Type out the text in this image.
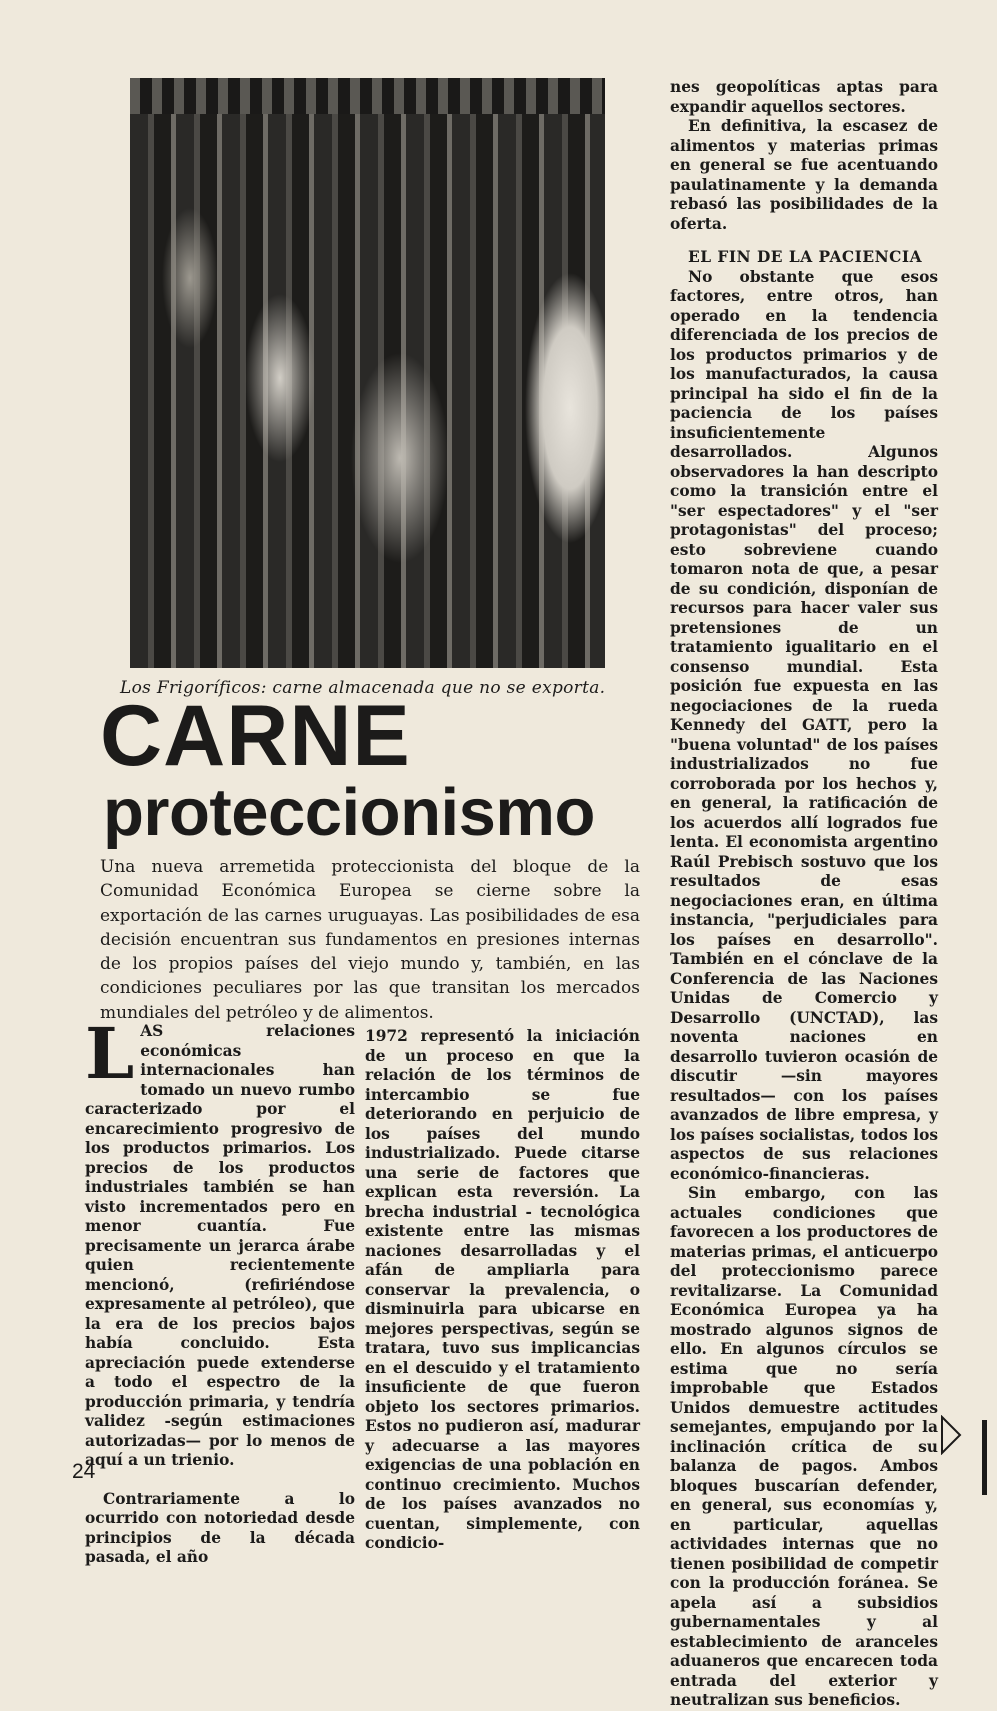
Los Frigoríficos: carne almacenada que no se exporta.
CARNE
proteccionismo

Una nueva arremetida proteccionista del bloque de la Comunidad Económica Europea se cierne sobre la exportación de las carnes uruguayas. Las posibilidades de esa decisión encuentran sus fundamentos en presiones internas de los propios países del viejo mundo y, también, en las condiciones peculiares por las que transitan los mercados mundiales del petróleo y de alimentos.

LAS relaciones económicas internacionales han tomado un nuevo rumbo caracterizado por el encarecimiento progresivo de los productos primarios. Los precios de los productos industriales también se han visto incrementados pero en menor cuantía. Fue precisamente un jerarca árabe quien recientemente mencionó, (refiriéndose expresamente al petróleo), que la era de los precios bajos había concluido. Esta apreciación puede extenderse a todo el espectro de la producción primaria, y tendría validez -según estimaciones autorizadas— por lo menos de aquí a un trienio.

Contrariamente a lo ocurrido con notoriedad desde principios de la década pasada, el año

1972 representó la iniciación de un proceso en que la relación de los términos de intercambio se fue deteriorando en perjuicio de los países del mundo industrializado. Puede citarse una serie de factores que explican esta reversión. La brecha industrial - tecnológica existente entre las mismas naciones desarrolladas y el afán de ampliarla para conservar la prevalencia, o disminuirla para ubicarse en mejores perspectivas, según se tratara, tuvo sus implicancias en el descuido y el tratamiento insuficiente de que fueron objeto los sectores primarios. Estos no pudieron así, madurar y adecuarse a las mayores exigencias de una población en continuo crecimiento. Muchos de los países avanzados no cuentan, simplemente, con condicio-

nes geopolíticas aptas para expandir aquellos sectores.

En definitiva, la escasez de alimentos y materias primas en general se fue acentuando paulatinamente y la demanda rebasó las posibilidades de la oferta.

EL FIN DE LA PACIENCIA

No obstante que esos factores, entre otros, han operado en la tendencia diferenciada de los precios de los productos primarios y de los manufacturados, la causa principal ha sido el fin de la paciencia de los países insuficientemente desarrollados. Algunos observadores la han descripto como la transición entre el "ser espectadores" y el "ser protagonistas" del proceso; esto sobreviene cuando tomaron nota de que, a pesar de su condición, disponían de recursos para hacer valer sus pretensiones de un tratamiento igualitario en el consenso mundial. Esta posición fue expuesta en las negociaciones de la rueda Kennedy del GATT, pero la "buena voluntad" de los países industrializados no fue corroborada por los hechos y, en general, la ratificación de los acuerdos allí logrados fue lenta. El economista argentino Raúl Prebisch sostuvo que los resultados de esas negociaciones eran, en última instancia, "perjudiciales para los países en desarrollo". También en el cónclave de la Conferencia de las Naciones Unidas de Comercio y Desarrollo (UNCTAD), las noventa naciones en desarrollo tuvieron ocasión de discutir —sin mayores resultados— con los países avanzados de libre empresa, y los países socialistas, todos los aspectos de sus relaciones económico-financieras.

Sin embargo, con las actuales condiciones que favorecen a los productores de materias primas, el anticuerpo del proteccionismo parece revitalizarse. La Comunidad Económica Europea ya ha mostrado algunos signos de ello. En algunos círculos se estima que no sería improbable que Estados Unidos demuestre actitudes semejantes, empujando por la inclinación crítica de su balanza de pagos. Ambos bloques buscarían defender, en general, sus economías y, en particular, aquellas actividades internas que no tienen posibilidad de competir con la producción foránea. Se apela así a subsidios gubernamentales y al establecimiento de aranceles aduaneros que encarecen toda entrada del exterior y neutralizan sus beneficios.

24
